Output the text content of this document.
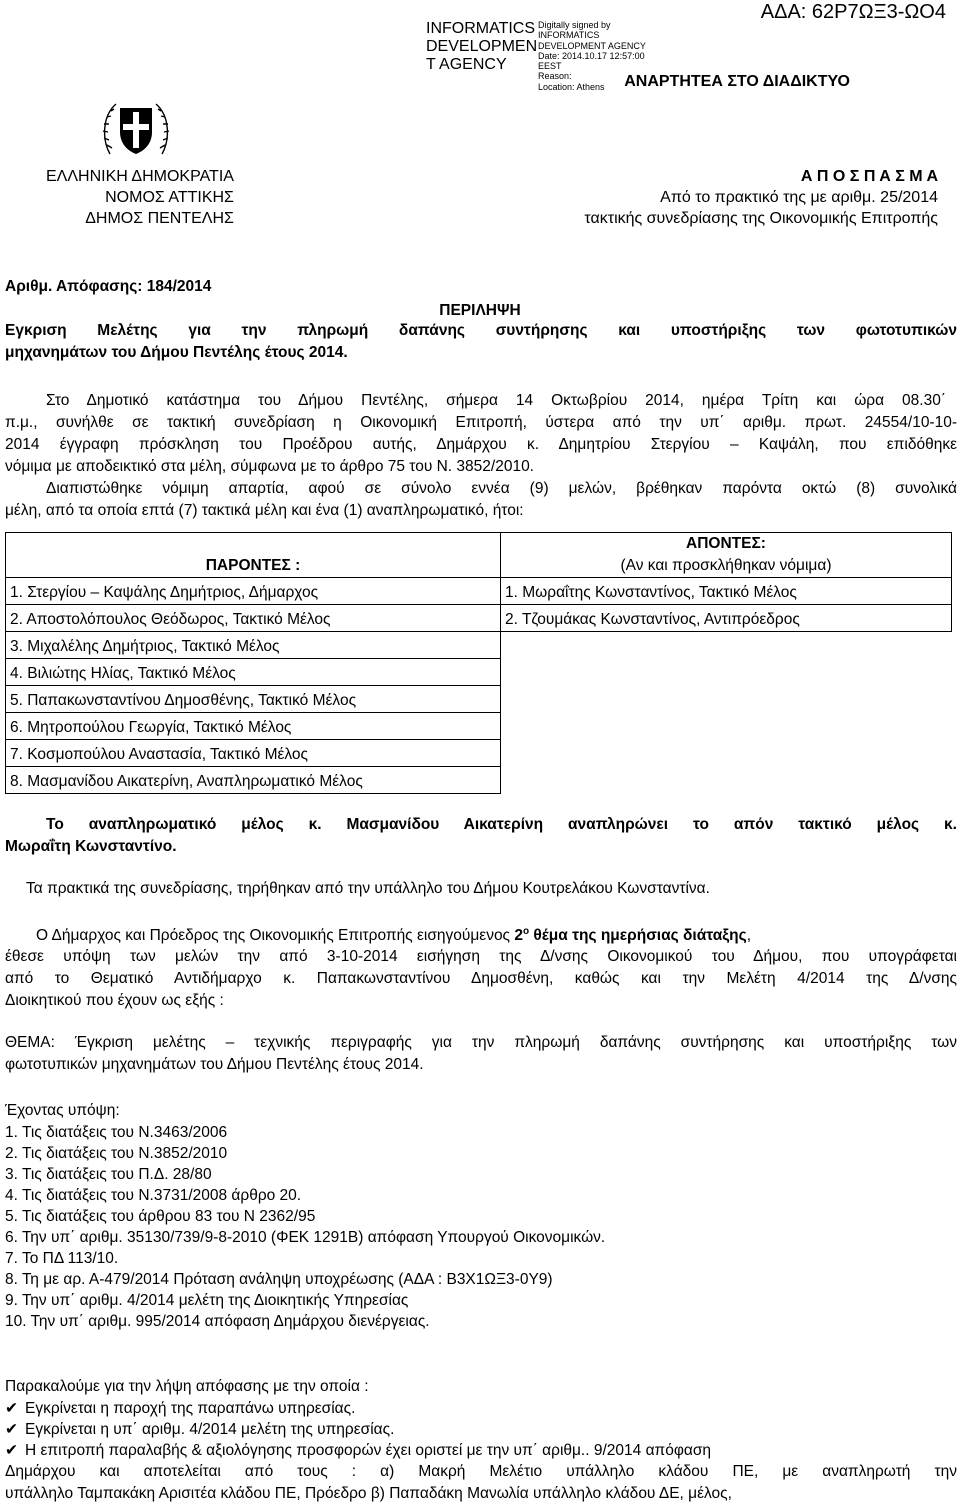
INFORMATICS
DEVELOPMEN
T AGENCY
Digitally signed by
INFORMATICS
DEVELOPMENT AGENCY
Date: 2014.10.17 12:57:00
EEST
Reason:
Location: Athens
ΑΔΑ: 62Ρ7ΩΞ3-ΩΟ4
ΑΝΑΡΤΗΤΕΑ ΣΤΟ ΔΙΑΔΙΚΤΥΟ
ΕΛΛΗΝΙΚΗ ΔΗΜΟΚΡΑΤΙΑ
ΝΟΜΟΣ ΑΤΤΙΚΗΣ
ΔΗΜΟΣ ΠΕΝΤΕΛΗΣ
Α Π Ο Σ Π Α Σ Μ Α
Από το πρακτικό της με αριθμ. 25/2014
τακτικής συνεδρίασης της Οικονομικής Επιτροπής
Αριθμ. Απόφασης: 184/2014
ΠΕΡΙΛΗΨΗ
Εγκριση Μελέτης για την πληρωμή δαπάνης συντήρησης και υποστήριξης των φωτοτυπικών
μηχανημάτων του Δήμου Πεντέλης έτους 2014.
Στο Δημοτικό κατάστημα του Δήμου Πεντέλης, σήμερα 14 Οκτωβρίου 2014, ημέρα Τρίτη και ώρα 08.30΄
π.μ., συνήλθε σε τακτική συνεδρίαση η Οικονομική Επιτροπή, ύστερα από την υπ΄ αριθμ. πρωτ. 24554/10-10-
2014 έγγραφη πρόσκληση του Προέδρου αυτής, Δημάρχου κ. Δημητρίου Στεργίου – Καψάλη, που επιδόθηκε
νόμιμα με αποδεικτικό στα μέλη, σύμφωνα με το άρθρο 75 του Ν. 3852/2010.
Διαπιστώθηκε νόμιμη απαρτία, αφού σε σύνολο εννέα (9) μελών, βρέθηκαν παρόντα οκτώ (8) συνολικά
μέλη, από τα οποία επτά (7) τακτικά μέλη και ένα (1) αναπληρωματικό, ήτοι:
ΠΑΡΟΝΤΕΣ :	ΑΠΟΝΤΕΣ:
	(Αν και προσκλήθηκαν νόμιμα)
1. Στεργίου – Καψάλης Δημήτριος, Δήμαρχος	1. Μωραΐτης Κωνσταντίνος, Τακτικό Μέλος
2. Αποστολόπουλος Θεόδωρος, Τακτικό Μέλος	2. Τζουμάκας Κωνσταντίνος, Αντιπρόεδρος
3. Μιχαλέλης Δημήτριος, Τακτικό Μέλος	
4. Βιλιώτης Ηλίας, Τακτικό Μέλος	
5. Παπακωνσταντίνου Δημοσθένης, Τακτικό Μέλος	
6. Μητροπούλου Γεωργία, Τακτικό Μέλος	
7. Κοσμοπούλου Αναστασία, Τακτικό Μέλος	
8. Μασμανίδου Αικατερίνη, Αναπληρωματικό Μέλος	
Το αναπληρωματικό μέλος κ. Μασμανίδου Αικατερίνη αναπληρώνει το απόν τακτικό μέλος κ.
Μωραΐτη Κωνσταντίνο.
Τα πρακτικά της συνεδρίασης, τηρήθηκαν από την υπάλληλο του Δήμου Κουτρελάκου Κωνσταντίνα.
Ο Δήμαρχος και Πρόεδρος της Οικονομικής Επιτροπής εισηγούμενος $2^o$ θέμα της ημερήσιας διάταξης,
έθεσε υπόψη των μελών την από 3-10-2014 εισήγηση της Δ/νσης Οικονομικού του Δήμου, που υπογράφεται
από το Θεματικό Αντιδήμαρχο κ. Παπακωνσταντίνου Δημοσθένη, καθώς και την Μελέτη 4/2014 της Δ/νσης
Διοικητικού που έχουν ως εξής :
ΘΕΜΑ: Έγκριση μελέτης – τεχνικής περιγραφής για την πληρωμή δαπάνης συντήρησης και υποστήριξης των
φωτοτυπικών μηχανημάτων του Δήμου Πεντέλης έτους 2014.
Έχοντας υπόψη:
1. Τις διατάξεις του Ν.3463/2006
2. Τις διατάξεις του Ν.3852/2010
3. Τις διατάξεις του Π.Δ. 28/80
4. Τις διατάξεις του Ν.3731/2008 άρθρο 20.
5. Τις διατάξεις του άρθρου 83 του Ν 2362/95
6. Την υπ΄ αριθμ. 35130/739/9-8-2010 (ΦΕΚ 1291Β) απόφαση Υπουργού Οικονομικών.
7. Το ΠΔ 113/10.
8. Τη με αρ. Α-479/2014 Πρόταση ανάληψη υποχρέωσης (ΑΔΑ : Β3Χ1ΩΞ3-0Υ9)
9. Την υπ΄ αριθμ. 4/2014 μελέτη της Διοικητικής Υπηρεσίας
10. Την υπ΄ αριθμ. 995/2014 απόφαση Δημάρχου διενέργειας.
Παρακαλούμε για την λήψη απόφασης με την οποία :
✔ Εγκρίνεται η παροχή της παραπάνω υπηρεσίας.
✔ Εγκρίνεται η υπ΄ αριθμ. 4/2014 μελέτη της υπηρεσίας.
✔ Η επιτροπή παραλαβής & αξιολόγησης προσφορών έχει οριστεί με την υπ΄ αριθμ.. 9/2014 απόφαση
Δημάρχου και αποτελείται από τους : α) Μακρή Μελέτιο υπάλληλο κλάδου ΠΕ, με αναπληρωτή την
υπάλληλο Ταμπακάκη Αρισιτέα κλάδου ΠΕ, Πρόεδρο β) Παπαδάκη Μανωλία υπάλληλο κλάδου ΔΕ, μέλος,
